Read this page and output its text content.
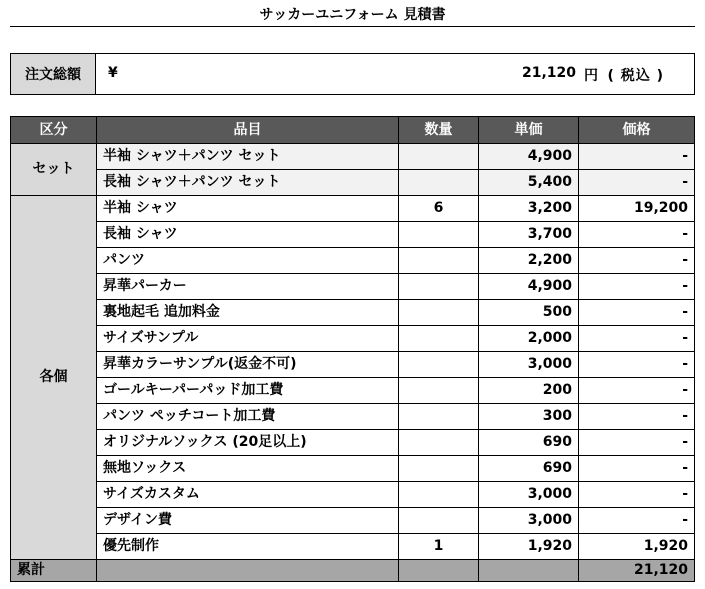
サッカーユニフォーム 見積書
注文総額	¥	21,120 円 ( 税込 )
区分	品目	数量	単価	価格
セット	半袖 シャツ＋パンツ セット		4,900	-
	長袖 シャツ＋パンツ セット		5,400	-
各個	半袖 シャツ	6	3,200	19,200
	長袖 シャツ		3,700	-
	パンツ		2,200	-
	昇華パーカー		4,900	-
	裏地起毛 追加料金		500	-
	サイズサンプル		2,000	-
	昇華カラーサンプル(返金不可)		3,000	-
	ゴールキーパーパッド加工費		200	-
	パンツ ペッチコート加工費		300	-
	オリジナルソックス (20足以上)		690	-
	無地ソックス		690	-
	サイズカスタム		3,000	-
	デザイン費		3,000	-
	優先制作	1	1,920	1,920
累計				21,120
